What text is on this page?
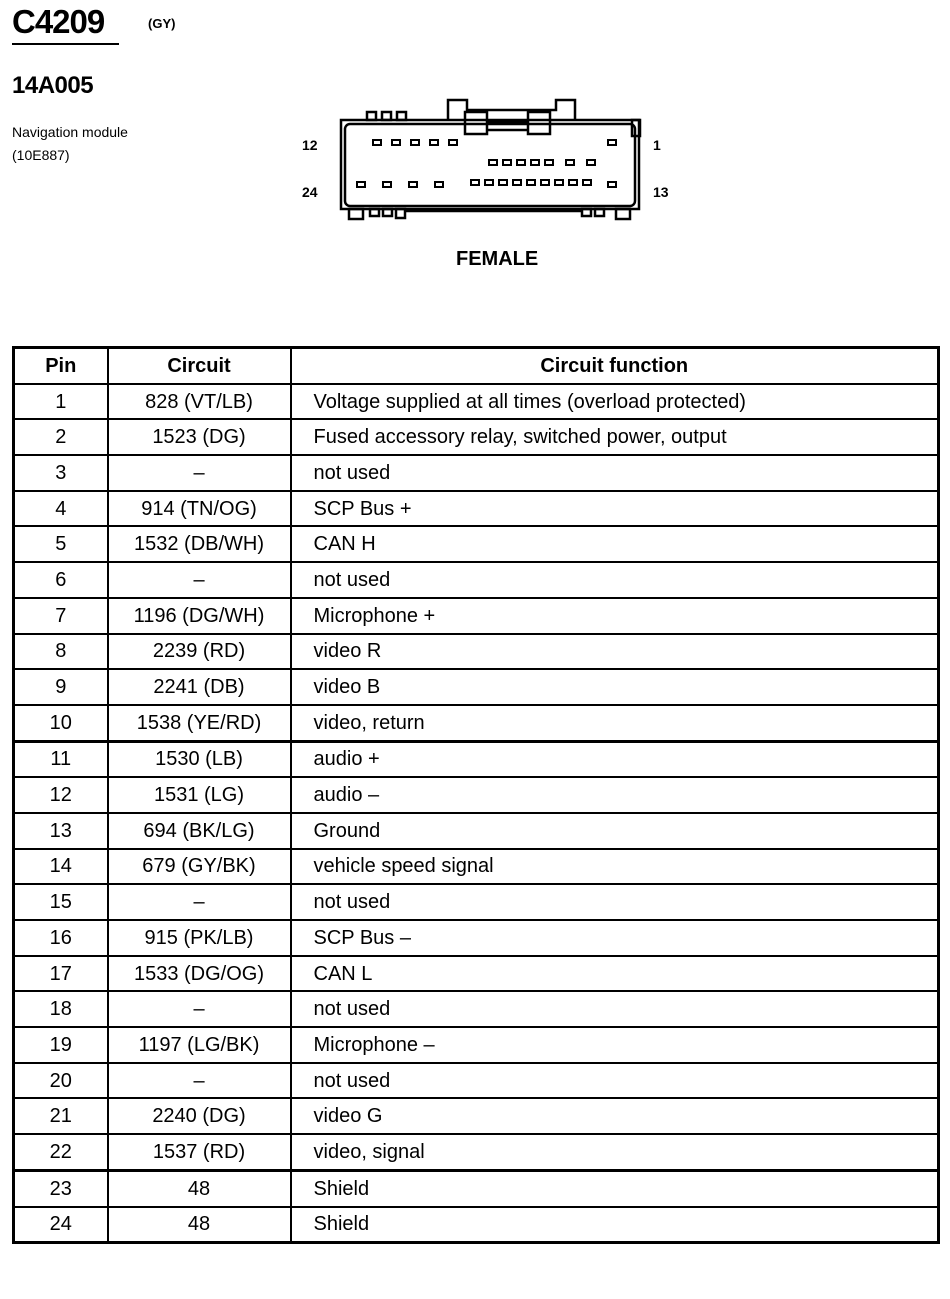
C4209	(GY)
14A005
Navigation module
(10E887)
12	1
24	13
FEMALE
Pin	Circuit	Circuit function
1	828 (VT/LB)	Voltage supplied at all times (overload protected)
2	1523 (DG)	Fused accessory relay, switched power, output
3	–	not used
4	914 (TN/OG)	SCP Bus +
5	1532 (DB/WH)	CAN H
6	–	not used
7	1196 (DG/WH)	Microphone +
8	2239 (RD)	video R
9	2241 (DB)	video B
10	1538 (YE/RD)	video, return
11	1530 (LB)	audio +
12	1531 (LG)	audio –
13	694 (BK/LG)	Ground
14	679 (GY/BK)	vehicle speed signal
15	–	not used
16	915 (PK/LB)	SCP Bus –
17	1533 (DG/OG)	CAN L
18	–	not used
19	1197 (LG/BK)	Microphone –
20	–	not used
21	2240 (DG)	video G
22	1537 (RD)	video, signal
23	48	Shield
24	48	Shield
